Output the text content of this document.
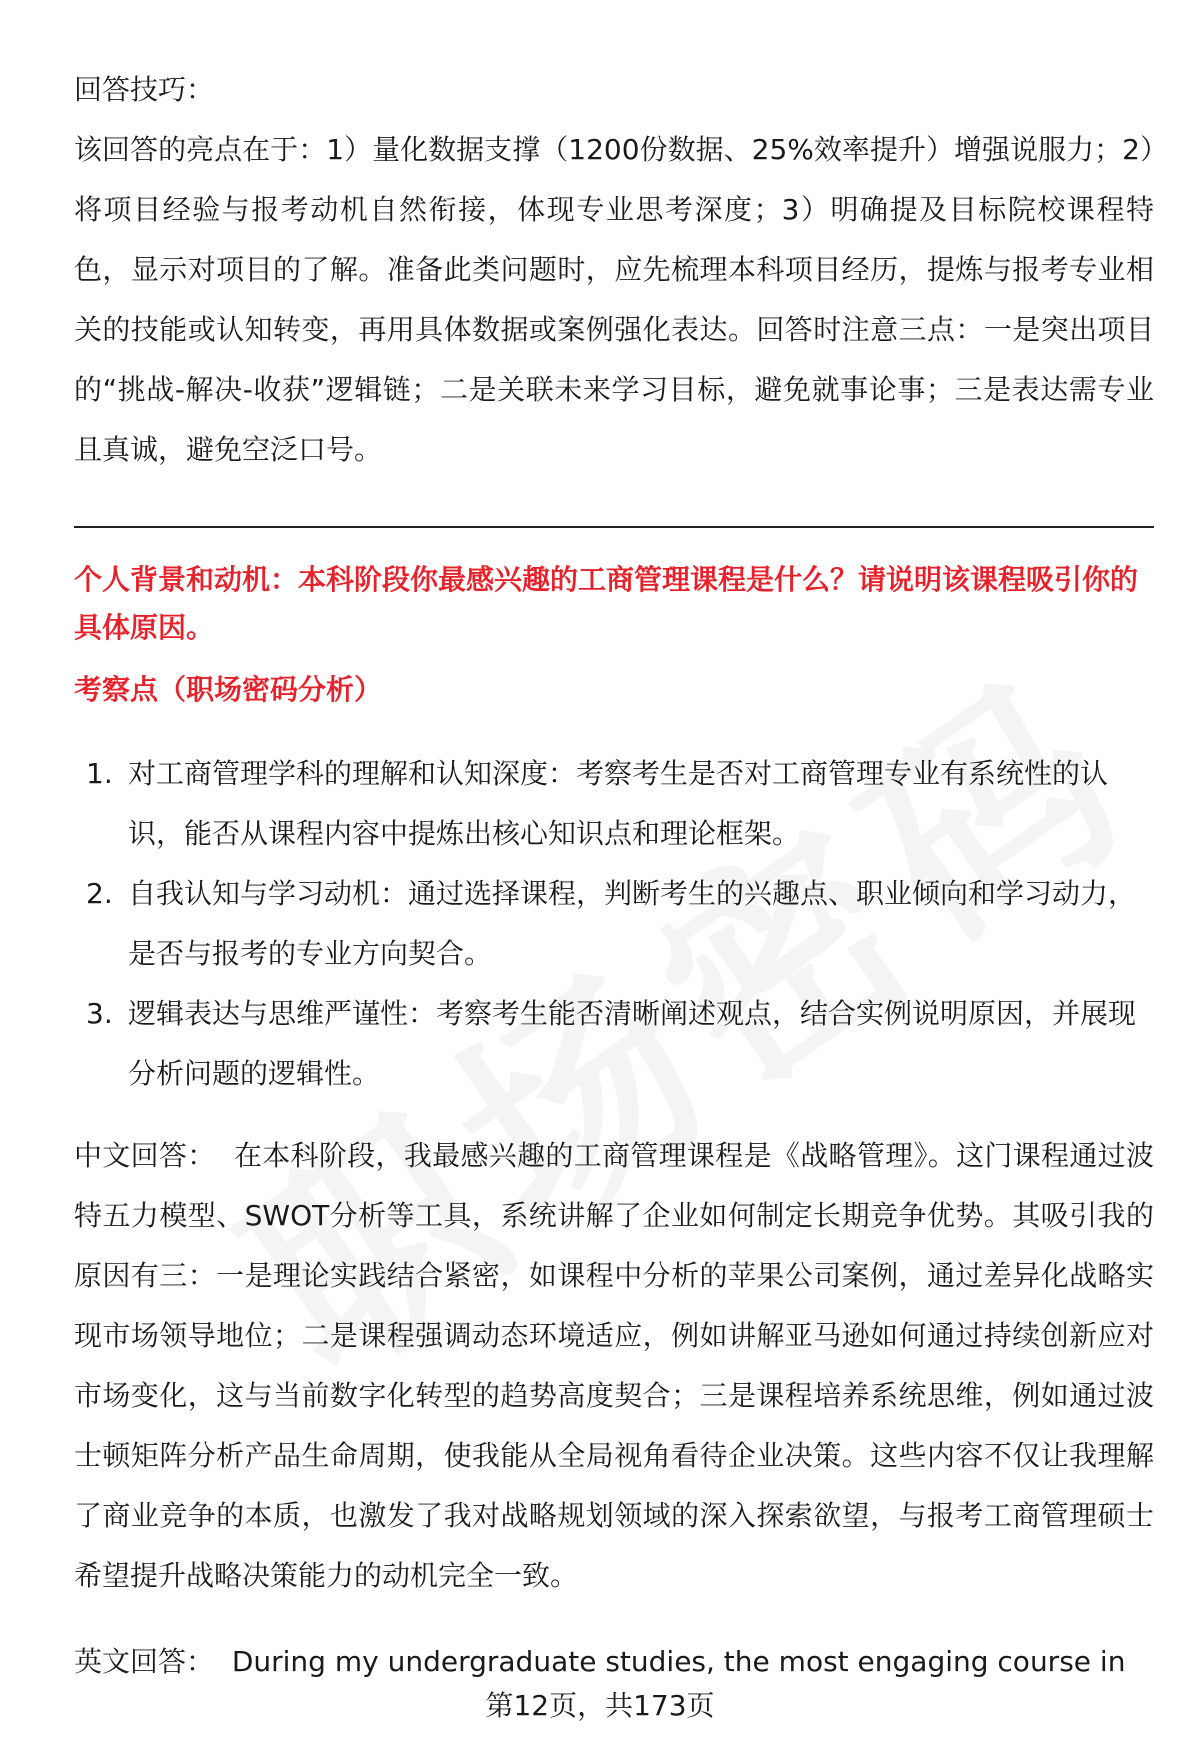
回答技巧：

该回答的亮点在于：1）量化数据支撑（1200份数据、25%效率提升）增强说服力；2）将项目经验与报考动机自然衔接，体现专业思考深度；3）明确提及目标院校课程特色，显示对项目的了解。准备此类问题时，应先梳理本科项目经历，提炼与报考专业相关的技能或认知转变，再用具体数据或案例强化表达。回答时注意三点：一是突出项目的“挑战-解决-收获”逻辑链；二是关联未来学习目标，避免就事论事；三是表达需专业且真诚，避免空泛口号。

个人背景和动机：本科阶段你最感兴趣的工商管理课程是什么？请说明该课程吸引你的具体原因。

考察点（职场密码分析）

1. 对工商管理学科的理解和认知深度：考察考生是否对工商管理专业有系统性的认识，能否从课程内容中提炼出核心知识点和理论框架。
2. 自我认知与学习动机：通过选择课程，判断考生的兴趣点、职业倾向和学习动力，是否与报考的专业方向契合。
3. 逻辑表达与思维严谨性：考察考生能否清晰阐述观点，结合实例说明原因，并展现分析问题的逻辑性。

中文回答： 在本科阶段，我最感兴趣的工商管理课程是《战略管理》。这门课程通过波特五力模型、SWOT分析等工具，系统讲解了企业如何制定长期竞争优势。其吸引我的原因有三：一是理论实践结合紧密，如课程中分析的苹果公司案例，通过差异化战略实现市场领导地位；二是课程强调动态环境适应，例如讲解亚马逊如何通过持续创新应对市场变化，这与当前数字化转型的趋势高度契合；三是课程培养系统思维，例如通过波士顿矩阵分析产品生命周期，使我能从全局视角看待企业决策。这些内容不仅让我理解了商业竞争的本质，也激发了我对战略规划领域的深入探索欲望，与报考工商管理硕士希望提升战略决策能力的动机完全一致。

英文回答： During my undergraduate studies, the most engaging course in

第12页，共173页
